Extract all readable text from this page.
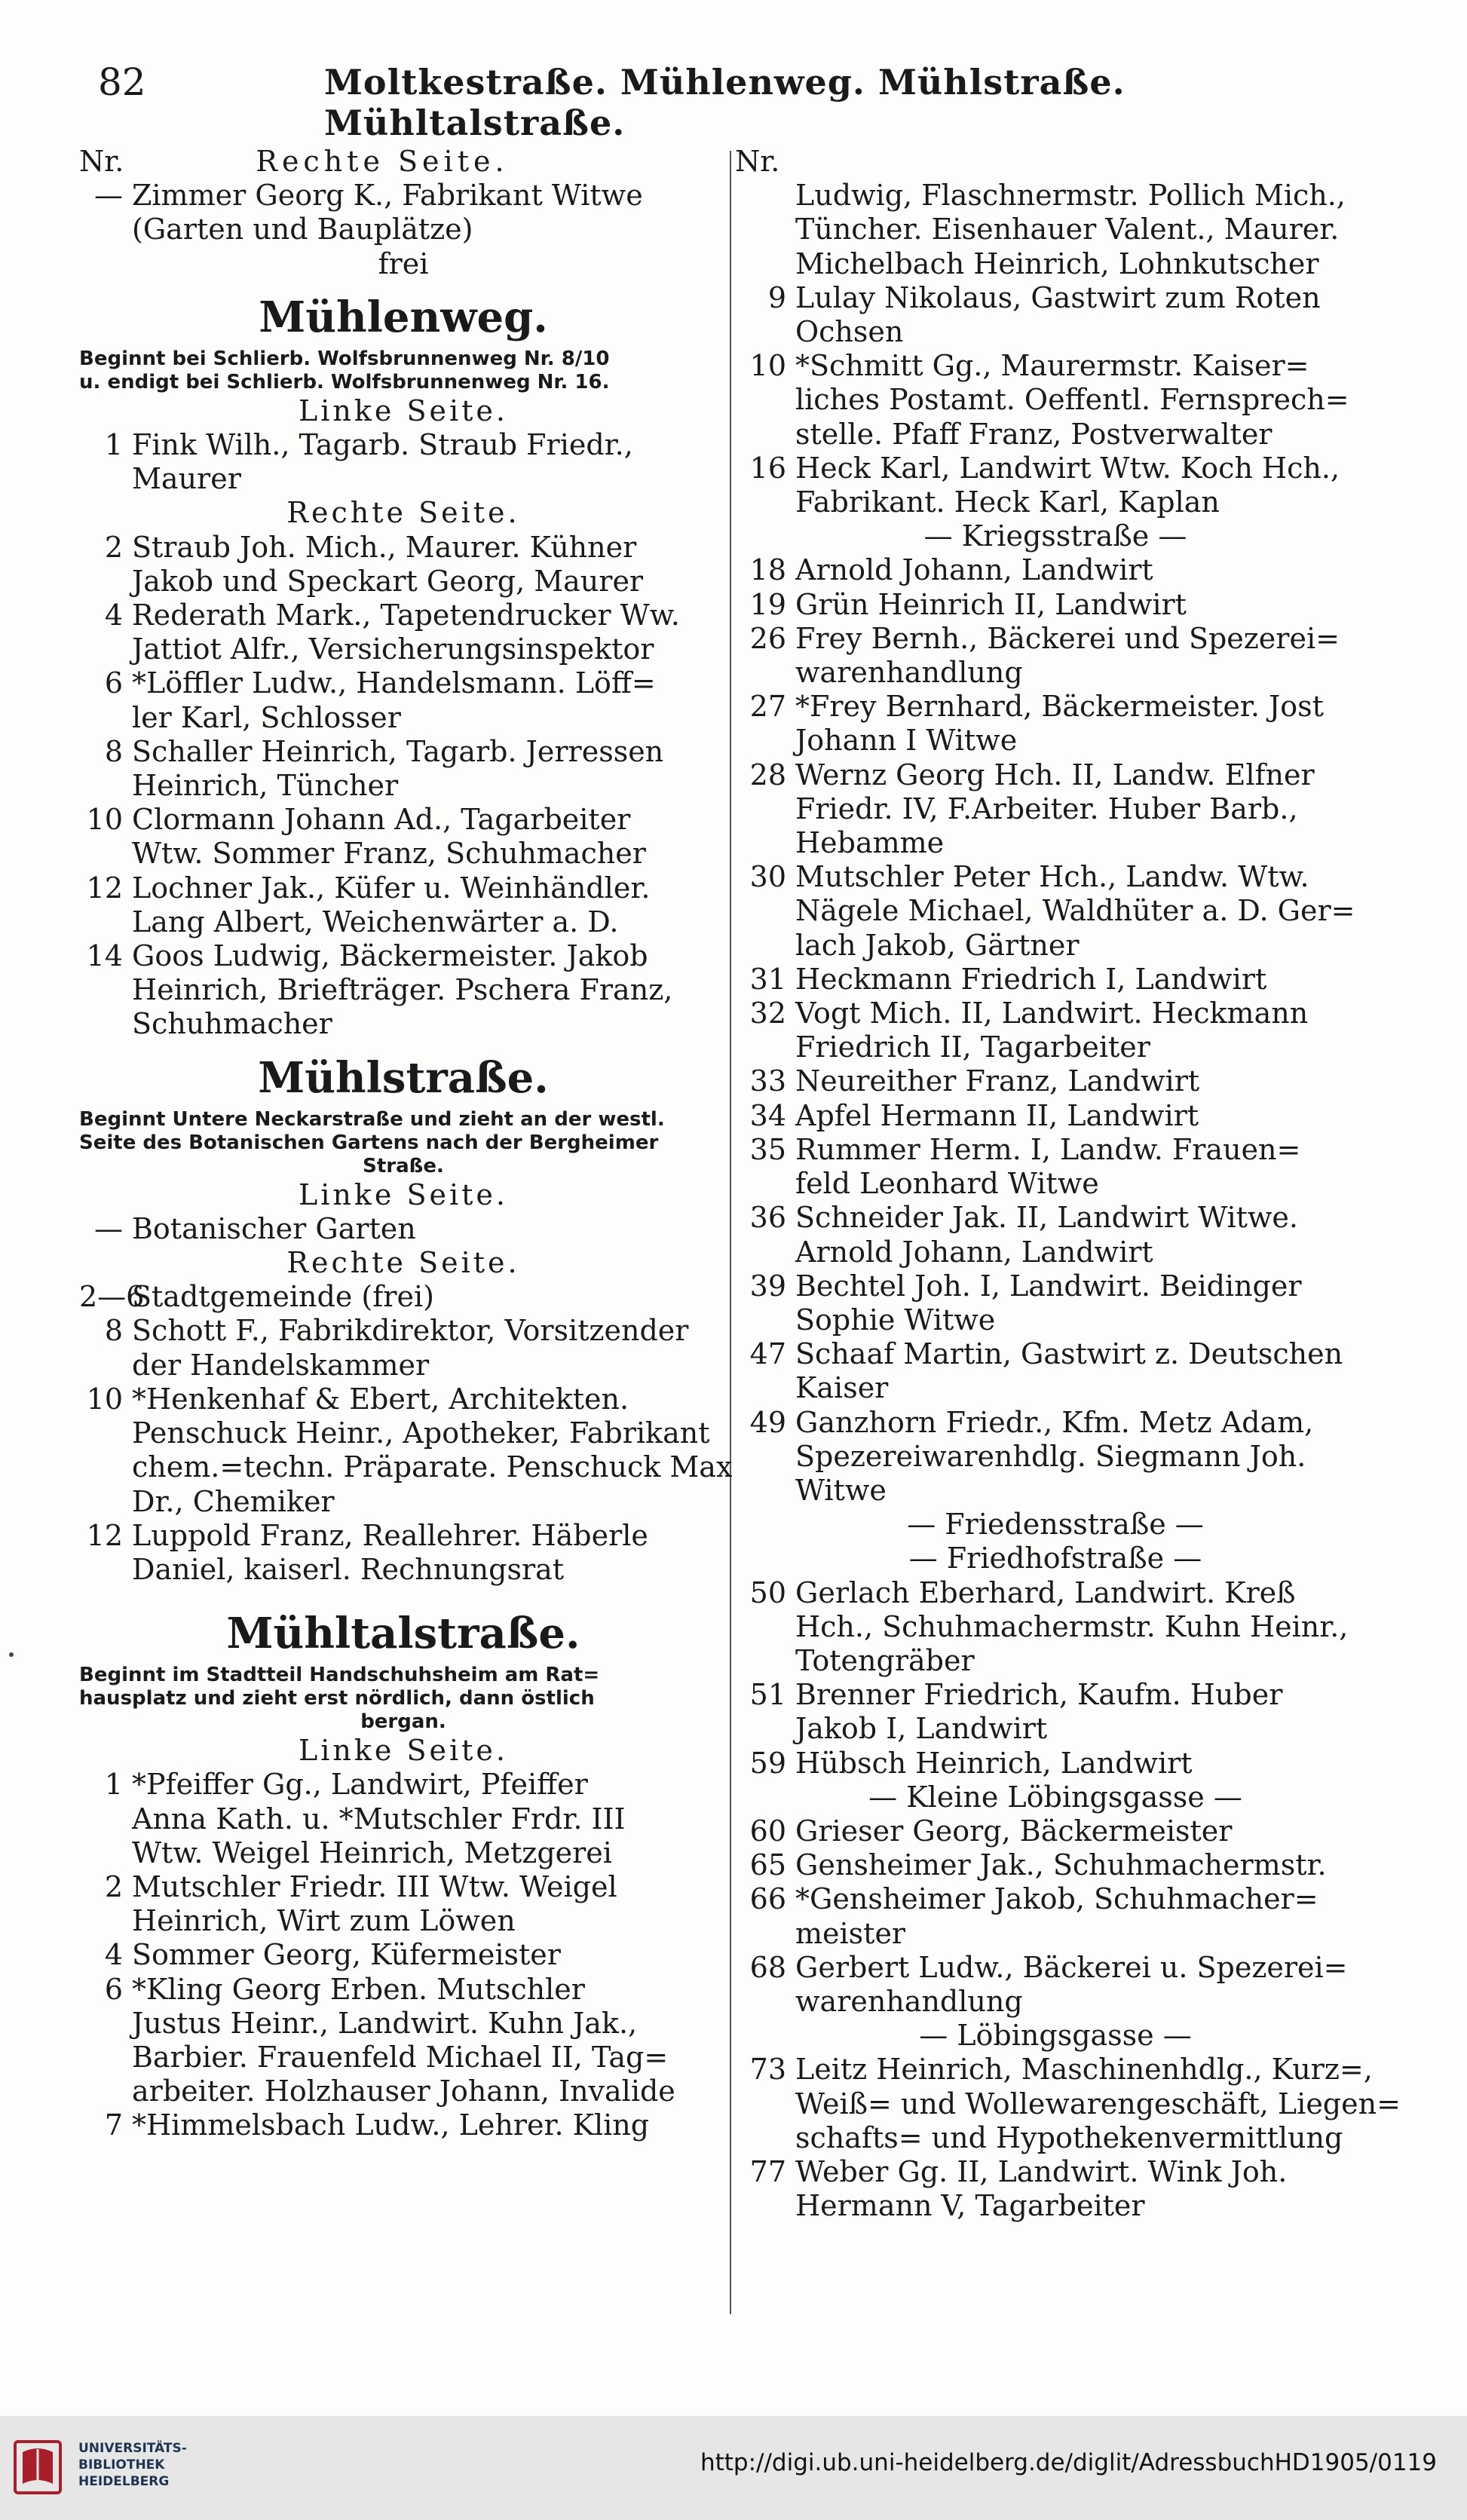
82	Moltkestraße. Mühlenweg. Mühlstraße. Mühltalstraße.
Nr.	Rechte Seite.
— Zimmer Georg K., Fabrikant Witwe
(Garten und Bauplätze)
frei
Mühlenweg.
Beginnt bei Schlierb. Wolfsbrunnenweg Nr. 8/10
u. endigt bei Schlierb. Wolfsbrunnenweg Nr. 16.
Linke Seite.
1 Fink Wilh., Tagarb. Straub Friedr.,
Maurer
Rechte Seite.
2 Straub Joh. Mich., Maurer. Kühner
Jakob und Speckart Georg, Maurer
4 Rederath Mark., Tapetendrucker Ww.
Jattiot Alfr., Versicherungsinspektor
6 *Löffler Ludw., Handelsmann. Löff=
ler Karl, Schlosser
8 Schaller Heinrich, Tagarb. Jerressen
Heinrich, Tüncher
10 Clormann Johann Ad., Tagarbeiter
Wtw. Sommer Franz, Schuhmacher
12 Lochner Jak., Küfer u. Weinhändler.
Lang Albert, Weichenwärter a. D.
14 Goos Ludwig, Bäckermeister. Jakob
Heinrich, Briefträger. Pschera Franz,
Schuhmacher
Mühlstraße.
Beginnt Untere Neckarstraße und zieht an der westl.
Seite des Botanischen Gartens nach der Bergheimer
Straße.
Linke Seite.
— Botanischer Garten
Rechte Seite.
2—6Stadtgemeinde (frei)
8 Schott F., Fabrikdirektor, Vorsitzender
der Handelskammer
10 *Henkenhaf & Ebert, Architekten.
Penschuck Heinr., Apotheker, Fabrikant
chem.=techn. Präparate. Penschuck Max
Dr., Chemiker
12 Luppold Franz, Reallehrer. Häberle
Daniel, kaiserl. Rechnungsrat
Mühltalstraße.
Beginnt im Stadtteil Handschuhsheim am Rat=
hausplatz und zieht erst nördlich, dann östlich
bergan.
Linke Seite.
1 *Pfeiffer Gg., Landwirt, Pfeiffer
Anna Kath. u. *Mutschler Frdr. III
Wtw. Weigel Heinrich, Metzgerei
2 Mutschler Friedr. III Wtw. Weigel
Heinrich, Wirt zum Löwen
4 Sommer Georg, Küfermeister
6 *Kling Georg Erben. Mutschler
Justus Heinr., Landwirt. Kuhn Jak.,
Barbier. Frauenfeld Michael II, Tag=
arbeiter. Holzhauser Johann, Invalide
7 *Himmelsbach Ludw., Lehrer. Kling
Nr.
Ludwig, Flaschnermstr. Pollich Mich.,
Tüncher. Eisenhauer Valent., Maurer.
Michelbach Heinrich, Lohnkutscher
9 Lulay Nikolaus, Gastwirt zum Roten
Ochsen
10 *Schmitt Gg., Maurermstr. Kaiser=
liches Postamt. Oeffentl. Fernsprech=
stelle. Pfaff Franz, Postverwalter
16 Heck Karl, Landwirt Wtw. Koch Hch.,
Fabrikant. Heck Karl, Kaplan
— Kriegsstraße —
18 Arnold Johann, Landwirt
19 Grün Heinrich II, Landwirt
26 Frey Bernh., Bäckerei und Spezerei=
warenhandlung
27 *Frey Bernhard, Bäckermeister. Jost
Johann I Witwe
28 Wernz Georg Hch. II, Landw. Elfner
Friedr. IV, F.Arbeiter. Huber Barb.,
Hebamme
30 Mutschler Peter Hch., Landw. Wtw.
Nägele Michael, Waldhüter a. D. Ger=
lach Jakob, Gärtner
31 Heckmann Friedrich I, Landwirt
32 Vogt Mich. II, Landwirt. Heckmann
Friedrich II, Tagarbeiter
33 Neureither Franz, Landwirt
34 Apfel Hermann II, Landwirt
35 Rummer Herm. I, Landw. Frauen=
feld Leonhard Witwe
36 Schneider Jak. II, Landwirt Witwe.
Arnold Johann, Landwirt
39 Bechtel Joh. I, Landwirt. Beidinger
Sophie Witwe
47 Schaaf Martin, Gastwirt z. Deutschen
Kaiser
49 Ganzhorn Friedr., Kfm. Metz Adam,
Spezereiwarenhdlg. Siegmann Joh.
Witwe
— Friedensstraße —
— Friedhofstraße —
50 Gerlach Eberhard, Landwirt. Kreß
Hch., Schuhmachermstr. Kuhn Heinr.,
Totengräber
51 Brenner Friedrich, Kaufm. Huber
Jakob I, Landwirt
59 Hübsch Heinrich, Landwirt
— Kleine Löbingsgasse —
60 Grieser Georg, Bäckermeister
65 Gensheimer Jak., Schuhmachermstr.
66 *Gensheimer Jakob, Schuhmacher=
meister
68 Gerbert Ludw., Bäckerei u. Spezerei=
warenhandlung
— Löbingsgasse —
73 Leitz Heinrich, Maschinenhdlg., Kurz=,
Weiß= und Wollewarengeschäft, Liegen=
schafts= und Hypothekenvermittlung
77 Weber Gg. II, Landwirt. Wink Joh.
Hermann V, Tagarbeiter
UNIVERSITÄTS-
BIBLIOTHEK
HEIDELBERG
http://digi.ub.uni-heidelberg.de/diglit/AdressbuchHD1905/0119
